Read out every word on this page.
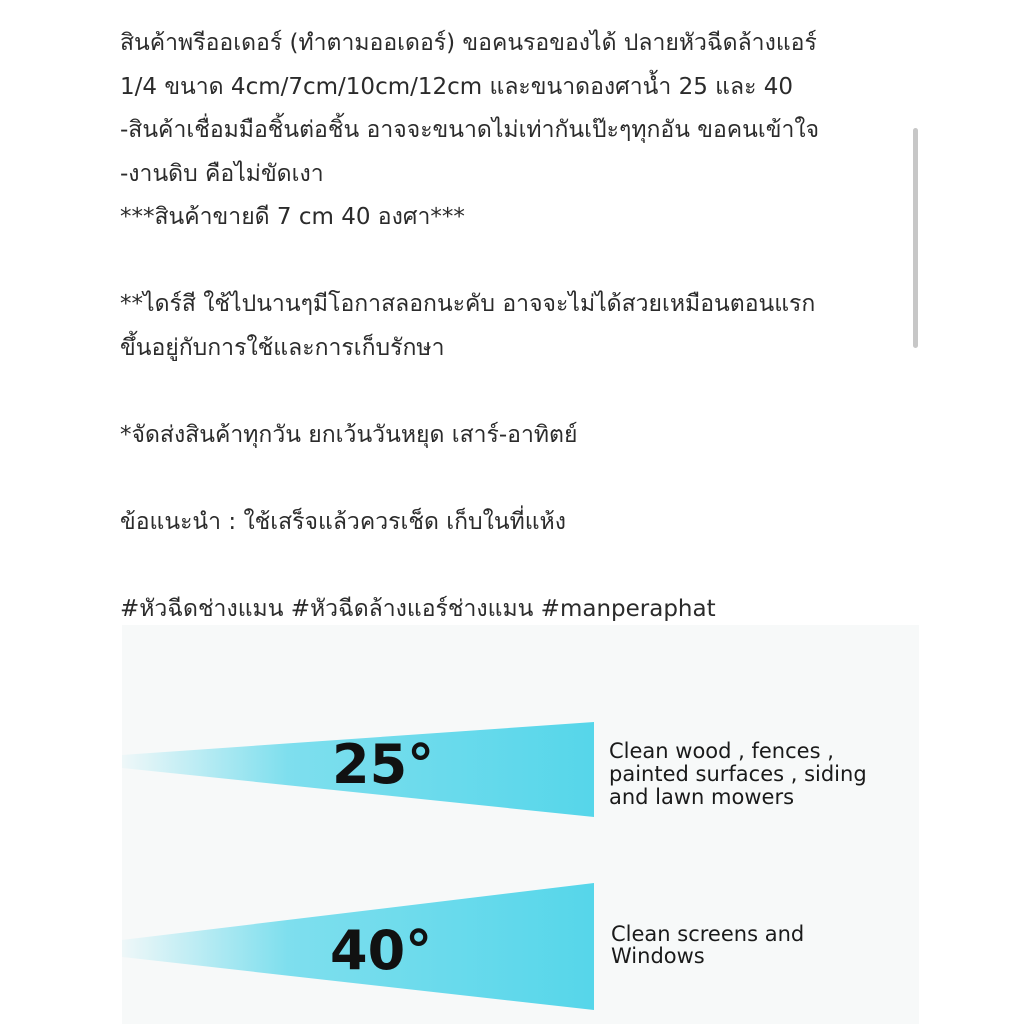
สินค้าพรีออเดอร์ (ทำตามออเดอร์) ขอคนรอของได้ ปลายหัวฉีดล้างแอร์
1/4 ขนาด 4cm/7cm/10cm/12cm และขนาดองศาน้ำ 25 และ 40
-สินค้าเชื่อมมือชิ้นต่อชิ้น อาจจะขนาดไม่เท่ากันเป๊ะๆทุกอัน ขอคนเข้าใจ
-งานดิบ คือไม่ขัดเงา
***สินค้าขายดี 7 cm 40 องศา***
**ไดร์สี ใช้ไปนานๆมีโอกาสลอกนะคับ อาจจะไม่ได้สวยเหมือนตอนแรก
ขึ้นอยู่กับการใช้และการเก็บรักษา
*จัดส่งสินค้าทุกวัน ยกเว้นวันหยุด เสาร์-อาทิตย์
ข้อแนะนำ : ใช้เสร็จแล้วควรเช็ด เก็บในที่แห้ง
#หัวฉีดช่างแมน #หัวฉีดล้างแอร์ช่างแมน #manperaphat
25°	Clean wood , fences ,
painted surfaces , siding
and lawn mowers
40°	Clean screens and
Windows
